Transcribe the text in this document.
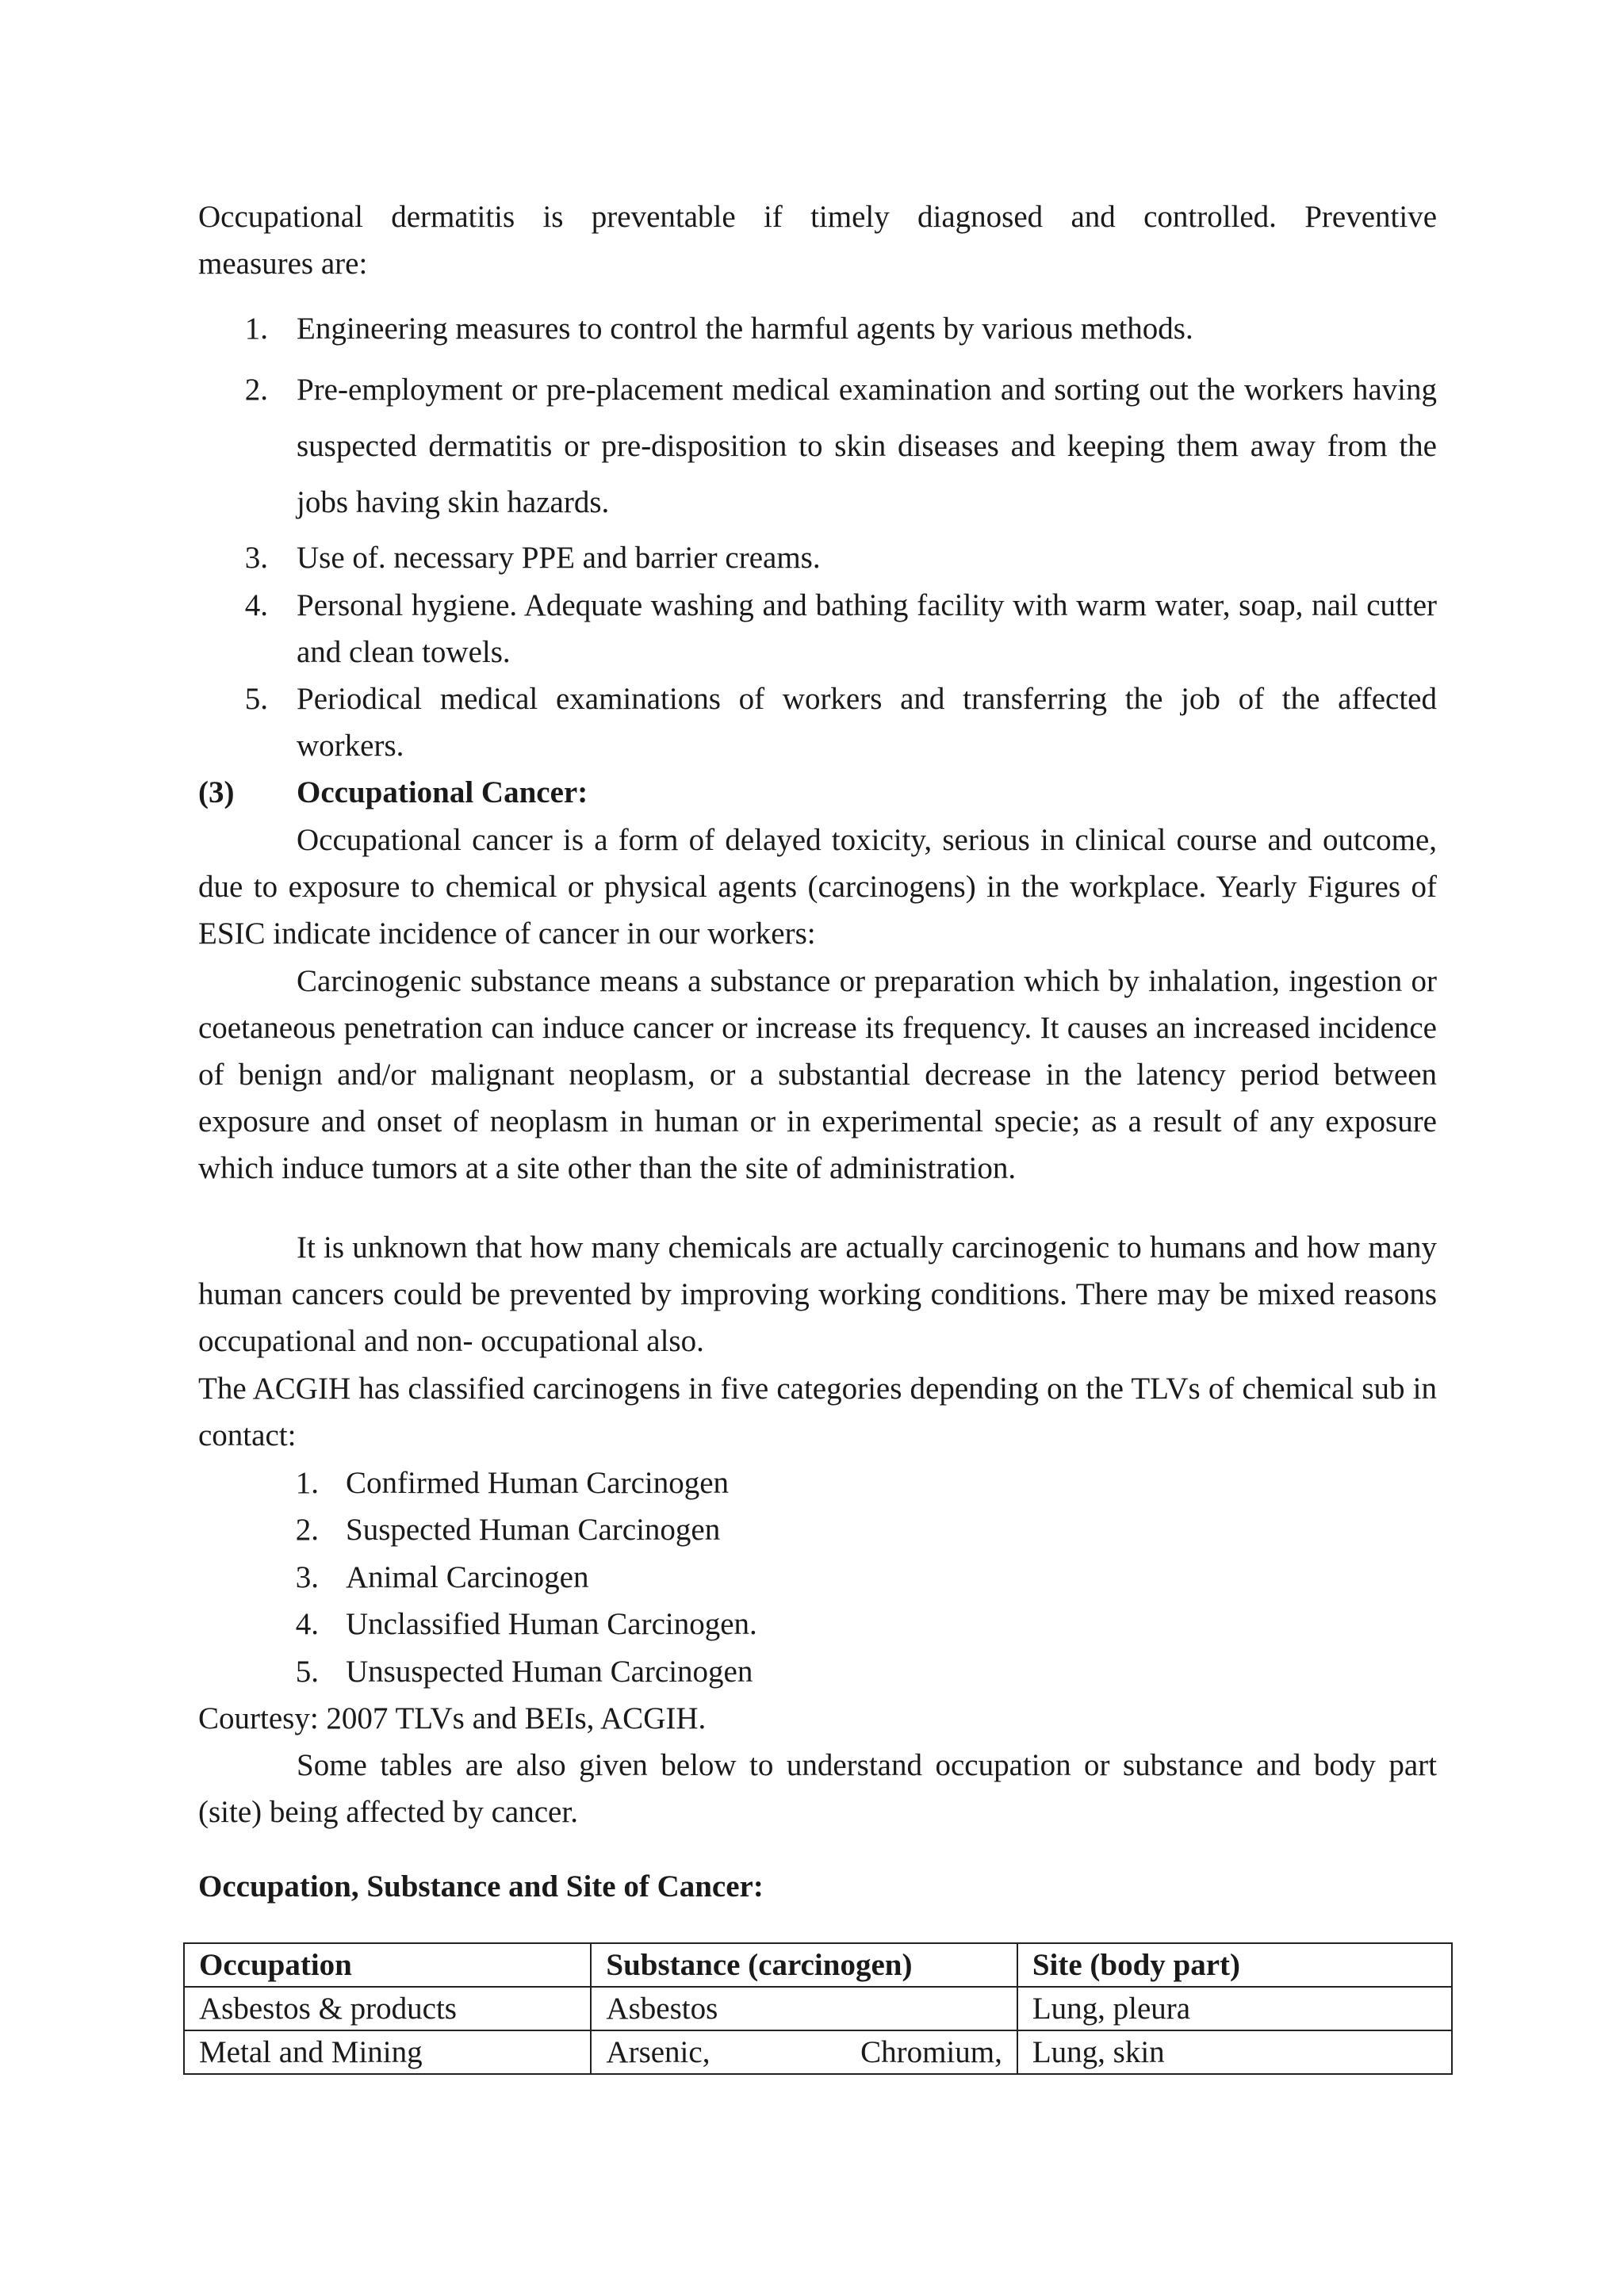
Occupational dermatitis is preventable if timely diagnosed and controlled. Preventive
measures are:

1. Engineering measures to control the harmful agents by various methods.
2. Pre-employment or pre-placement medical examination and sorting out the workers having suspected dermatitis or pre-disposition to skin diseases and keeping them away from the jobs having skin hazards.
3. Use of. necessary PPE and barrier creams.
4. Personal hygiene. Adequate washing and bathing facility with warm water, soap, nail cutter and clean towels.
5. Periodical medical examinations of workers and transferring the job of the affected workers.
(3) Occupational Cancer:

Occupational cancer is a form of delayed toxicity, serious in clinical course and outcome, due to exposure to chemical or physical agents (carcinogens) in the workplace. Yearly Figures of ESIC indicate incidence of cancer in our workers:

Carcinogenic substance means a substance or preparation which by inhalation, ingestion or coetaneous penetration can induce cancer or increase its frequency. It causes an increased incidence of benign and/or malignant neoplasm, or a substantial decrease in the latency period between exposure and onset of neoplasm in human or in experimental specie; as a result of any exposure which induce tumors at a site other than the site of administration.

It is unknown that how many chemicals are actually carcinogenic to humans and how many human cancers could be prevented by improving working conditions. There may be mixed reasons occupational and non- occupational also.

The ACGIH has classified carcinogens in five categories depending on the TLVs of chemical sub in contact:

1. Confirmed Human Carcinogen
2. Suspected Human Carcinogen
3. Animal Carcinogen
4. Unclassified Human Carcinogen.
5. Unsuspected Human Carcinogen

Courtesy: 2007 TLVs and BEIs, ACGIH.

Some tables are also given below to understand occupation or substance and body part (site) being affected by cancer.

Occupation, Substance and Site of Cancer:
Occupation	Substance (carcinogen)	Site (body part)
Asbestos & products	Asbestos	Lung, pleura
Metal and Mining	Arsenic, Chromium,	Lung, skin
